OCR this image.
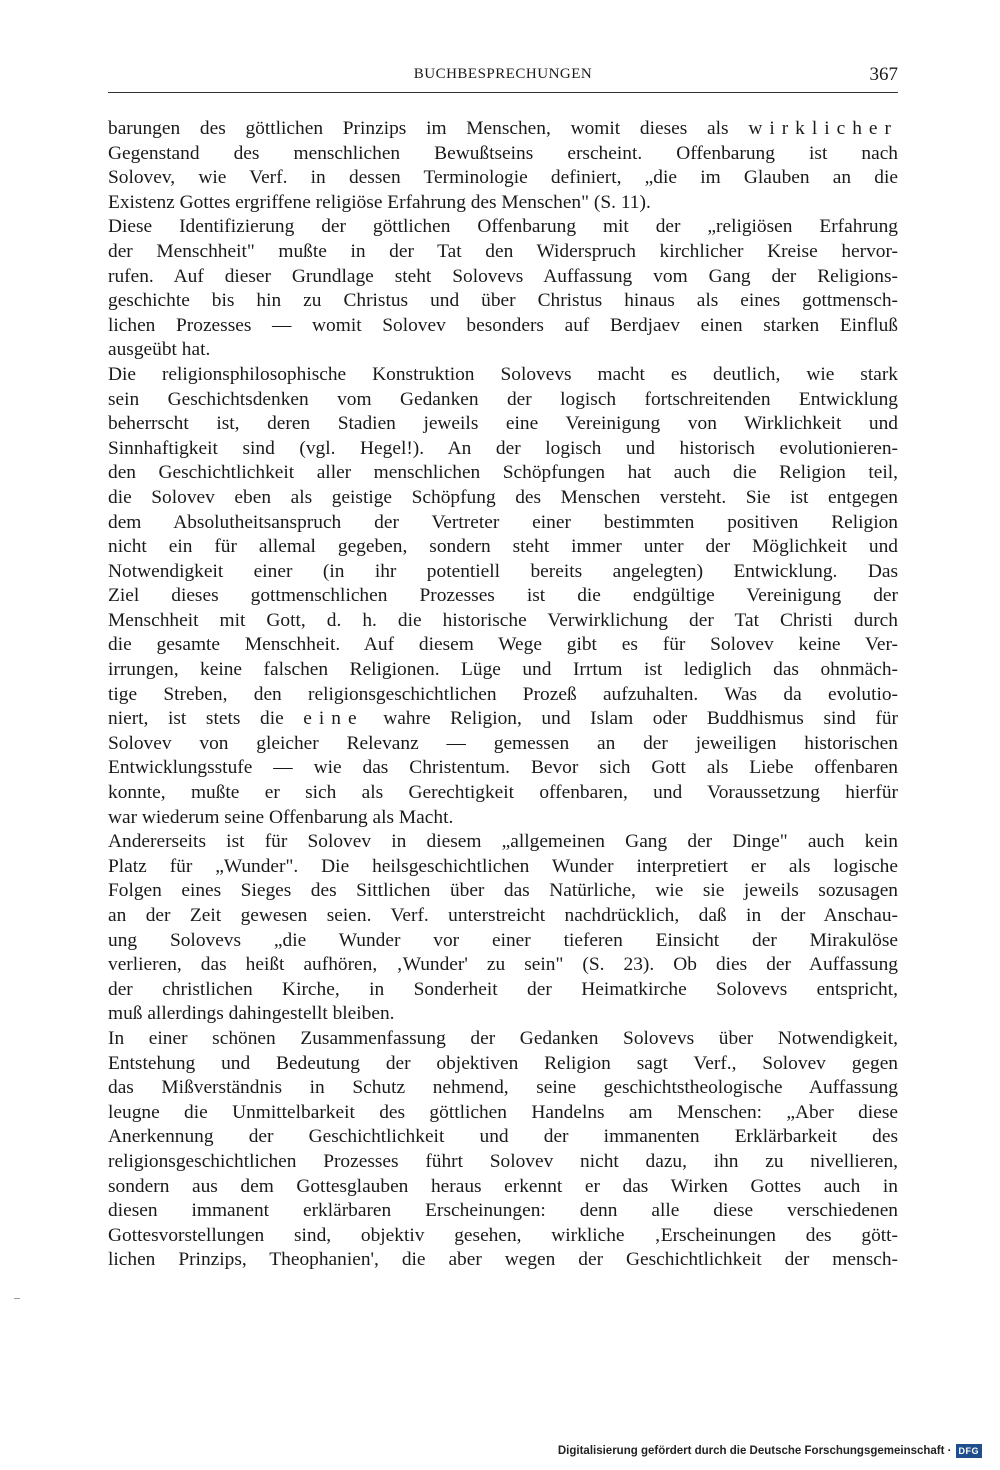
BUCHBESPRECHUNGEN	367
barungen des göttlichen Prinzips im Menschen, womit dieses als wirklicher
Gegenstand des menschlichen Bewußtseins erscheint. Offenbarung ist nach
Solovev, wie Verf. in dessen Terminologie definiert, „die im Glauben an die
Existenz Gottes ergriffene religiöse Erfahrung des Menschen" (S. 11).
Diese Identifizierung der göttlichen Offenbarung mit der „religiösen Erfahrung
der Menschheit" mußte in der Tat den Widerspruch kirchlicher Kreise hervor-
rufen. Auf dieser Grundlage steht Solovevs Auffassung vom Gang der Religions-
geschichte bis hin zu Christus und über Christus hinaus als eines gottmensch-
lichen Prozesses — womit Solovev besonders auf Berdjaev einen starken Einfluß
ausgeübt hat.
Die religionsphilosophische Konstruktion Solovevs macht es deutlich, wie stark
sein Geschichtsdenken vom Gedanken der logisch fortschreitenden Entwicklung
beherrscht ist, deren Stadien jeweils eine Vereinigung von Wirklichkeit und
Sinnhaftigkeit sind (vgl. Hegel!). An der logisch und historisch evolutionieren-
den Geschichtlichkeit aller menschlichen Schöpfungen hat auch die Religion teil,
die Solovev eben als geistige Schöpfung des Menschen versteht. Sie ist entgegen
dem Absolutheitsanspruch der Vertreter einer bestimmten positiven Religion
nicht ein für allemal gegeben, sondern steht immer unter der Möglichkeit und
Notwendigkeit einer (in ihr potentiell bereits angelegten) Entwicklung. Das
Ziel dieses gottmenschlichen Prozesses ist die endgültige Vereinigung der
Menschheit mit Gott, d. h. die historische Verwirklichung der Tat Christi durch
die gesamte Menschheit. Auf diesem Wege gibt es für Solovev keine Ver-
irrungen, keine falschen Religionen. Lüge und Irrtum ist lediglich das ohnmäch-
tige Streben, den religionsgeschichtlichen Prozeß aufzuhalten. Was da evolutio-
niert, ist stets die eine wahre Religion, und Islam oder Buddhismus sind für
Solovev von gleicher Relevanz — gemessen an der jeweiligen historischen
Entwicklungsstufe — wie das Christentum. Bevor sich Gott als Liebe offenbaren
konnte, mußte er sich als Gerechtigkeit offenbaren, und Voraussetzung hierfür
war wiederum seine Offenbarung als Macht.
Andererseits ist für Solovev in diesem „allgemeinen Gang der Dinge" auch kein
Platz für „Wunder". Die heilsgeschichtlichen Wunder interpretiert er als logische
Folgen eines Sieges des Sittlichen über das Natürliche, wie sie jeweils sozusagen
an der Zeit gewesen seien. Verf. unterstreicht nachdrücklich, daß in der Anschau-
ung Solovevs „die Wunder vor einer tieferen Einsicht der Mirakulöse
verlieren, das heißt aufhören, ‚Wunder' zu sein" (S. 23). Ob dies der Auffassung
der christlichen Kirche, in Sonderheit der Heimatkirche Solovevs entspricht,
muß allerdings dahingestellt bleiben.
In einer schönen Zusammenfassung der Gedanken Solovevs über Notwendigkeit,
Entstehung und Bedeutung der objektiven Religion sagt Verf., Solovev gegen
das Mißverständnis in Schutz nehmend, seine geschichtstheologische Auffassung
leugne die Unmittelbarkeit des göttlichen Handelns am Menschen: „Aber diese
Anerkennung der Geschichtlichkeit und der immanenten Erklärbarkeit des
religionsgeschichtlichen Prozesses führt Solovev nicht dazu, ihn zu nivellieren,
sondern aus dem Gottesglauben heraus erkennt er das Wirken Gottes auch in
diesen immanent erklärbaren Erscheinungen: denn alle diese verschiedenen
Gottesvorstellungen sind, objektiv gesehen, wirkliche ‚Erscheinungen des gött-
lichen Prinzips, Theophanien', die aber wegen der Geschichtlichkeit der mensch-
Digitalisierung gefördert durch die Deutsche Forschungsgemeinschaft · DFG
